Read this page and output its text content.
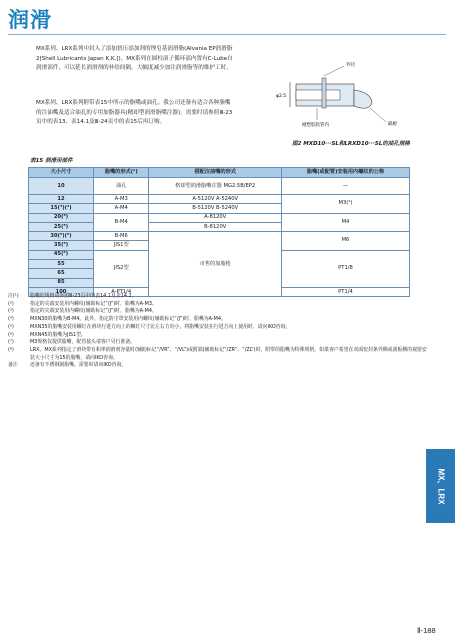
润滑
MX系列、LRX系列中封入了添加扭压添加剂的锂皂基润滑脂(Alvania EP润滑脂2[Shell Lubricants Japan K.K.])。MX系列在圆柱滚子循环部内置有C-Lube自润滑部件，可以延长润滑剂的补给间隔。大幅度减少加注润滑脂等的维护工时。
MX系列、LRX系列附带表15中所示的脂嘴或油孔。我公司还备有适合各种脂嘴的注油嘴及适合油孔的专用加脂器具(精却型润滑脂嘴注器)。需要时请参照Ⅲ-23页中的表13、表14.1及Ⅲ-24页中的表15后再订购。
φ2.5
外径
刚塑胶软管内	隔板
图2 MXD10···SL和LRXD10···SL的油孔规格
表15 润滑用部件
大小尺寸	脂嘴的形式(¹)	搭配注油嘴的形式	脂嘴(或配管)安装用内螺纹的公称
10	油孔	格却型润滑脂嘴注器 MG2.5B/EP2	—
12	A-M3	A-5120V A-5240V	M3(²)
15(³)(⁴)	A-M4	B-5120V B-5240V	
20(⁵)	B-M4	A-8120V	M4
25(⁵)		B-8120V	
30(⁵)(⁶)	B-M6	市售的加脂枪	M6
35(⁵)	JIS1型		
45(⁵)	JIS2型		PT1/8
55			
65			
85			
100	A-PT1/4		PT1/4
注(¹)	脂嘴的规格请参照Ⅲ-23页中的表14.1及表14.2。
(²)	指定的尖端安装用内螺纹(辅助标记“/J”)时，脂嘴为A-M3。
(³)	指定的尖端安装用内螺纹(辅助标记“/J”)时，脂嘴为A-M4。
(⁴)	MXN30的脂嘴为B-M4。此外，指定防尘罩安装用内螺纹(辅助标记“/J”)时，脂嘴为A-M4。
(⁵)	MXN35的脂嘴安装用螺钉在滑块行进方向上的螺钉尺寸比左右方向小，将脂嘴安装在行进方向上使用时，请向IKO咨询。
(⁶)	MXN45的脂嘴为JIS1型。
(⁷)	M3规格仅提供脂嘴，配管接头请客户另行准备。
(⁸)	LRX、MX系列指定了滑块带有积率润滑剂容量时(辅助标记“/VR”、“/VL”)或附端(辅助标记“/ZR”、“/ZL”)时，附带的脂嘴为特殊规格。如果客户希望在双面密封条外侧或刮板侧的视窗安装大小尺寸为15的脂嘴，请向IKO咨询。
备注	还备有不锈钢制脂嘴。需要时请向IKO咨询。
MX、LRX
Ⅱ-188
